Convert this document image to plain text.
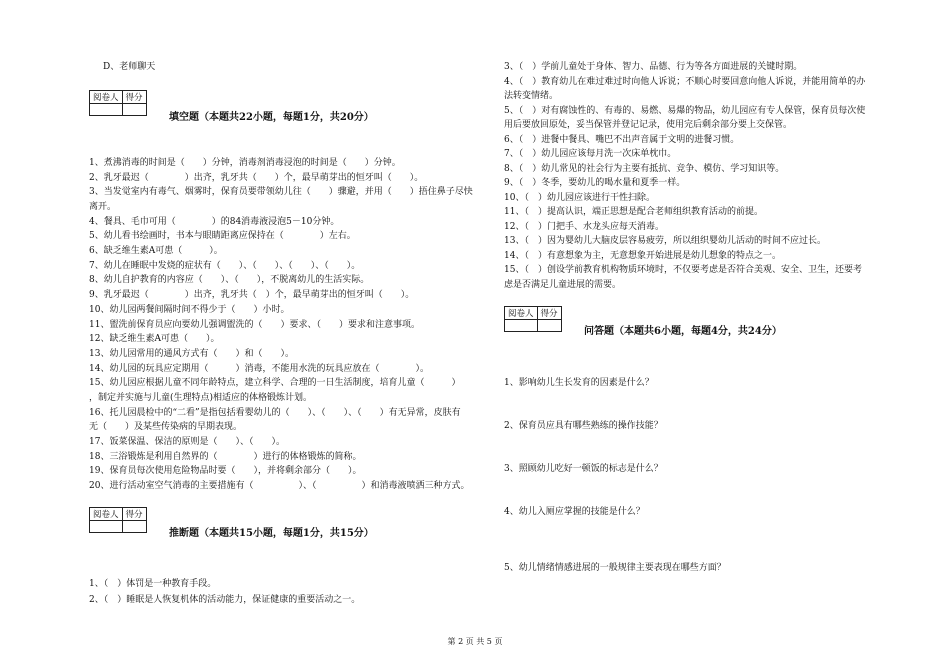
D、老师聊天
阅卷人	得分

填空题（本题共22小题，每题1分，共20分）
1、煮沸消毒的时间是（　　）分钟，消毒剂消毒浸泡的时间是（　　）分钟。
2、乳牙最迟（　　　　）出齐，乳牙共（　　）个，最早萌芽出的恒牙叫（　　）。
3、当发觉室内有毒气、烟雾时，保育员要带领幼儿往（　　）骤避，并用（　　）捂住鼻子尽快
离开。
4、餐具、毛巾可用（　　　　）的84消毒液浸泡5－10分钟。
5、幼儿看书绘画时，书本与眼睛距离应保持在（　　　　）左右。
6、缺乏维生素A可患（　　　）。
7、幼儿在睡眠中发烧的症状有（　　）、（　　）、（　　）、（　　）。
8、幼儿自护教育的内容应（　　）、（　　），不脱离幼儿的生活实际。
9、乳牙最迟（　　　　）出齐，乳牙共（　）个，最早萌芽出的恒牙叫（　　）。
10、幼儿园两餐间隔时间不得少于（　　）小时。
11、盥洗前保育员应向要幼儿强调盥洗的（　　）要求、（　　）要求和注意事项。
12、缺乏维生素A可患（　　）。
13、幼儿园常用的通风方式有（　　）和（　　）。
14、幼儿园的玩具应定期用（　　　）消毒，不能用水洗的玩具应放在（　　　　）。
15、幼儿园应根据儿童不同年龄特点，建立科学、合理的一日生活制度，培育儿童（　　　）
，制定并实施与儿童(生理特点)相适应的体格锻炼计划。
16、托儿园晨检中的“二看”是指包括看婴幼儿的（　　）、（　　）、（　　）有无异常，皮肤有
无（　　）及某些传染病的早期表现。
17、饭菜保温、保洁的原则是（　　）、（　　）。
18、三浴锻炼是利用自然界的（　　　　）进行的体格锻炼的简称。
19、保育员每次使用危险物品时要（　　），并将剩余部分（　　）。
20、进行活动室空气消毒的主要措施有（　　　　　）、（　　　　　）和消毒液喷洒三种方式。
阅卷人	得分

推断题（本题共15小题，每题1分，共15分）
1、（　）体罚是一种教育手段。
2、（　）睡眠是人恢复机体的活动能力，保证健康的重要活动之一。
3、（　）学前儿童处于身体、智力、品德、行为等各方面进展的关键时期。
4、（　）教育幼儿在难过难过时向他人诉说；不顺心时要回意向他人诉说，并能用简单的办
法转变情绪。
5、（　）对有腐蚀性的、有毒的、易燃、易爆的物品，幼儿园应有专人保管，保育员每次使
用后要放回原处，妥当保管并登记记录，使用完后剩余部分要上交保管。
6、（　）进餐中餐具、嘴巴不出声音属于文明的进餐习惯。
7、（　）幼儿园应该每月洗一次床单枕巾。
8、（　）幼儿常见的社会行为主要有抵抗、竞争、模仿、学习知识等。
9、（　）冬季，要幼儿的喝水量和夏季一样。
10、（　）幼儿园应该进行干性扫除。
11、（　）提高认识，端正思想是配合老师组织教育活动的前提。
12、（　）门把手、水龙头应每天消毒。
13、（　）因为婴幼儿大脑皮层容易疲劳，所以组织婴幼儿活动的时间不应过长。
14、（　）有意想象为主，无意想象开始进展是幼儿想象的特点之一。
15、（　）创设学前教育机构物质环境时，不仅要考虑是否符合美观、安全、卫生，还要考
虑是否满足儿童进展的需要。
阅卷人	得分

问答题（本题共6小题，每题4分，共24分）
1、影响幼儿生长发育的因素是什么？
2、保育员应具有哪些熟练的操作技能？
3、照顾幼儿吃好一顿饭的标志是什么？
4、幼儿入厕应掌握的技能是什么？
5、幼儿情绪情感进展的一般规律主要表现在哪些方面？
第 2 页 共 5 页
